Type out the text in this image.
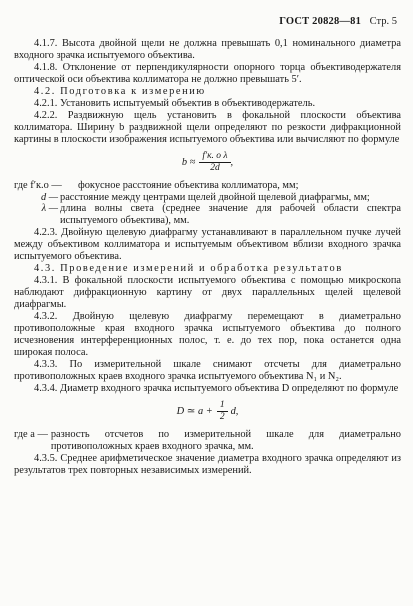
ГОСТ 20828—81 Стр. 5

4.1.7. Высота двойной щели не должна превышать 0,1 номинального диаметра входного зрачка испытуемого объектива.

4.1.8. Отклонение от перпендикулярности опорного торца объективодержателя оптической оси объектива коллиматора не должно превышать 5′.

4.2. Подготовка к измерению

4.2.1. Установить испытуемый объектив в объективодержатель.

4.2.2. Раздвижную щель установить в фокальной плоскости объектива коллиматора. Ширину b раздвижной щели определяют по резкости дифракционной картины в плоскости изображения испытуемого объектива или вычисляют по формуле

$b \approx \frac{\text{f′к. о λ}}{2d}$ ,
где f′к.о —	фокусное расстояние объектива коллиматора, мм;
d — расстояние между центрами щелей двойной щелевой диафрагмы, мм;
λ — длина волны света (среднее значение для рабочей области спектра испытуемого объектива), мм.

4.2.3. Двойную щелевую диафрагму устанавливают в параллельном пучке лучей между объективом коллиматора и испытуемым объективом вблизи входного зрачка испытуемого объектива.

4.3. Проведение измерений и обработка результатов

4.3.1. В фокальной плоскости испытуемого объектива с помощью микроскопа наблюдают дифракционную картину от двух параллельных щелей щелевой диафрагмы.

4.3.2. Двойную щелевую диафрагму перемещают в диаметрально противоположные края входного зрачка испытуемого объектива до полного исчезновения интерференционных полос, т. е. до тех пор, пока останется одна широкая полоса.

4.3.3. По измерительной шкале снимают отсчеты для диаметрально противоположных краев входного зрачка испытуемого объектива N₁ и N₂.

4.3.4. Диаметр входного зрачка испытуемого объектива D определяют по формуле

D ≃ $a + \frac{1}{2} d$,
где a — разность отсчетов по измерительной шкале для диаметрально противоположных краев входного зрачка, мм.

4.3.5. Среднее арифметическое значение диаметра входного зрачка определяют из результатов трех повторных независимых измерений.
